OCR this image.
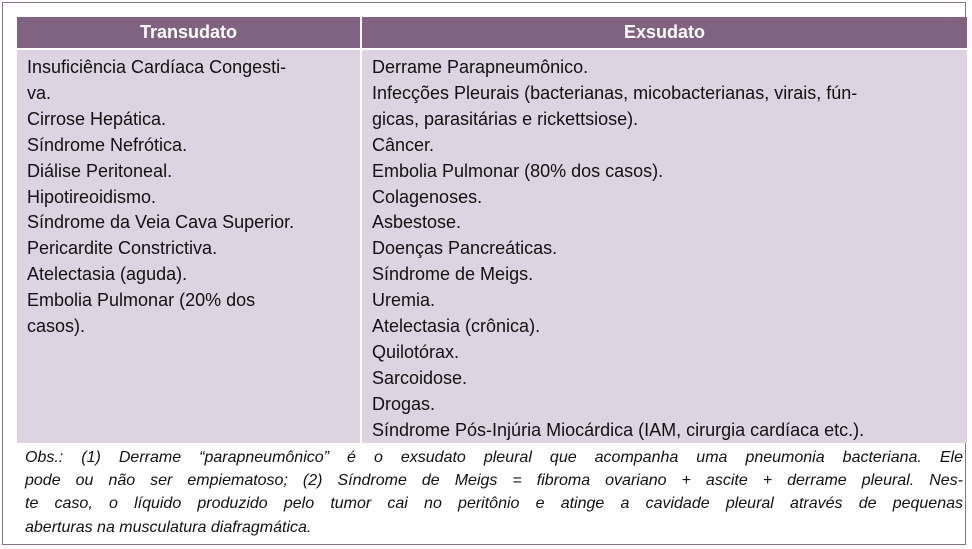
Transudato	Exsudato
Insuficiência Cardíaca Congesti-
va.
Cirrose Hepática.
Síndrome Nefrótica.
Diálise Peritoneal.
Hipotireoidismo.
Síndrome da Veia Cava Superior.
Pericardite Constrictiva.
Atelectasia (aguda).
Embolia Pulmonar (20% dos
casos).
Derrame Parapneumônico.
Infecções Pleurais (bacterianas, micobacterianas, virais, fún-
gicas, parasitárias e rickettsiose).
Câncer.
Embolia Pulmonar (80% dos casos).
Colagenoses.
Asbestose.
Doenças Pancreáticas.
Síndrome de Meigs.
Uremia.
Atelectasia (crônica).
Quilotórax.
Sarcoidose.
Drogas.
Síndrome Pós-Injúria Miocárdica (IAM, cirurgia cardíaca etc.).
Obs.: (1) Derrame “parapneumônico” é o exsudato pleural que acompanha uma pneumonia bacteriana. Ele
pode ou não ser empiematoso; (2) Síndrome de Meigs = fibroma ovariano + ascite + derrame pleural. Nes-
te caso, o líquido produzido pelo tumor cai no peritônio e atinge a cavidade pleural através de pequenas
aberturas na musculatura diafragmática.
